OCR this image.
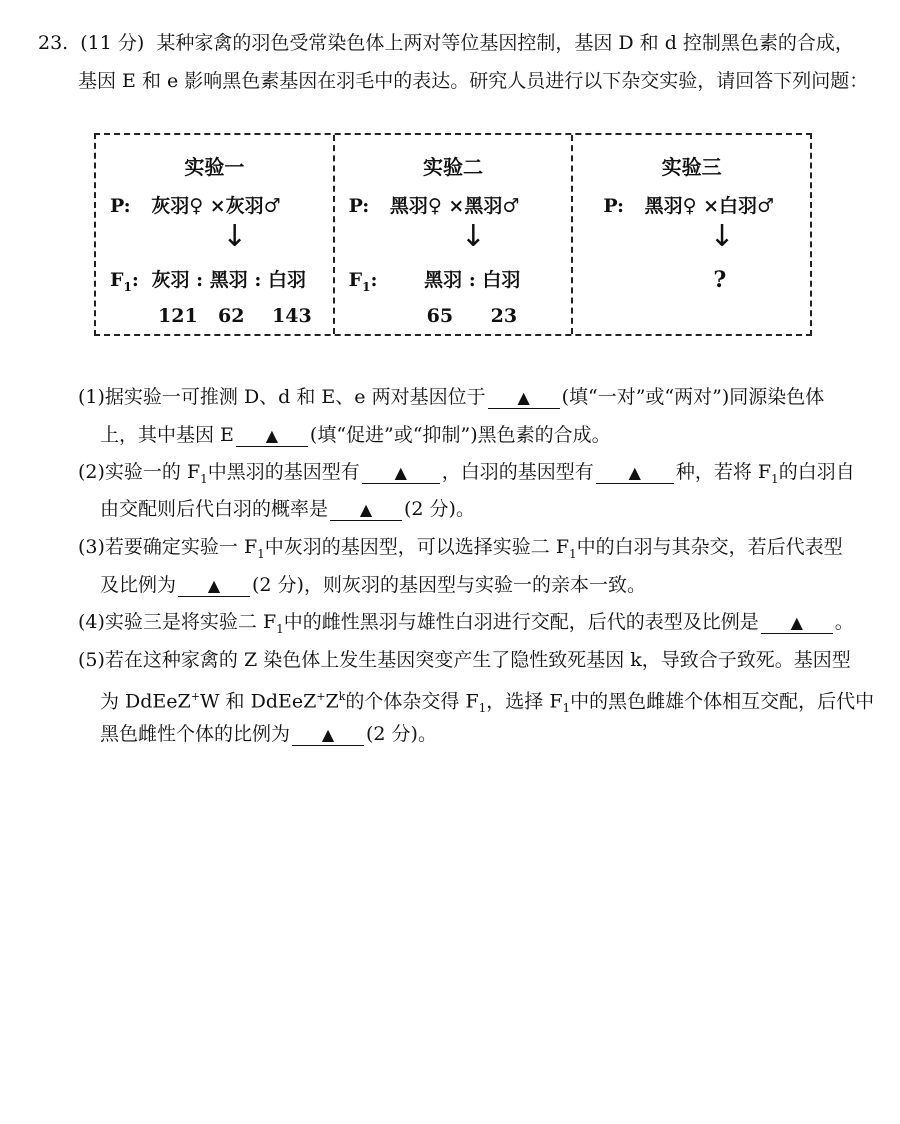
23. (11 分) 某种家禽的羽色受常染色体上两对等位基因控制，基因 D 和 d 控制黑色素的合成，
基因 E 和 e 影响黑色素基因在羽毛中的表达。研究人员进行以下杂交实验，请回答下列问题：
实验一
P: 灰羽♀ ×灰羽♂
↓
$F_1$: 灰羽 : 黑羽 : 白羽
121 62 143
实验二
P: 黑羽♀ ×黑羽♂
↓
$F_1$: 黑羽 : 白羽
65 23
实验三
P: 黑羽♀ ×白羽♂
↓
?
(1)据实验一可推测 D、d 和 E、e 两对基因位于 ▲ (填“一对”或“两对”)同源染色体
上，其中基因 E ▲ (填“促进”或“抑制”)黑色素的合成。
(2)实验一的 $F_1$中黑羽的基因型有 ▲ ，白羽的基因型有 ▲ 种，若将 $F_1$的白羽自
由交配则后代白羽的概率是 ▲ (2 分)。
(3)若要确定实验一 $F_1$中灰羽的基因型，可以选择实验二 $F_1$中的白羽与其杂交，若后代表型
及比例为 ▲ (2 分)，则灰羽的基因型与实验一的亲本一致。
(4)实验三是将实验二 $F_1$中的雌性黑羽与雄性白羽进行交配，后代的表型及比例是 ▲ 。
(5)若在这种家禽的 Z 染色体上发生基因突变产生了隐性致死基因 k，导致合子致死。基因型
为 DdEeZ+W 和 $DdEeZ^+Z^k$的个体杂交得 $F_1$，选择 $F_1$中的黑色雌雄个体相互交配，后代中
黑色雌性个体的比例为 ▲ (2 分)。
